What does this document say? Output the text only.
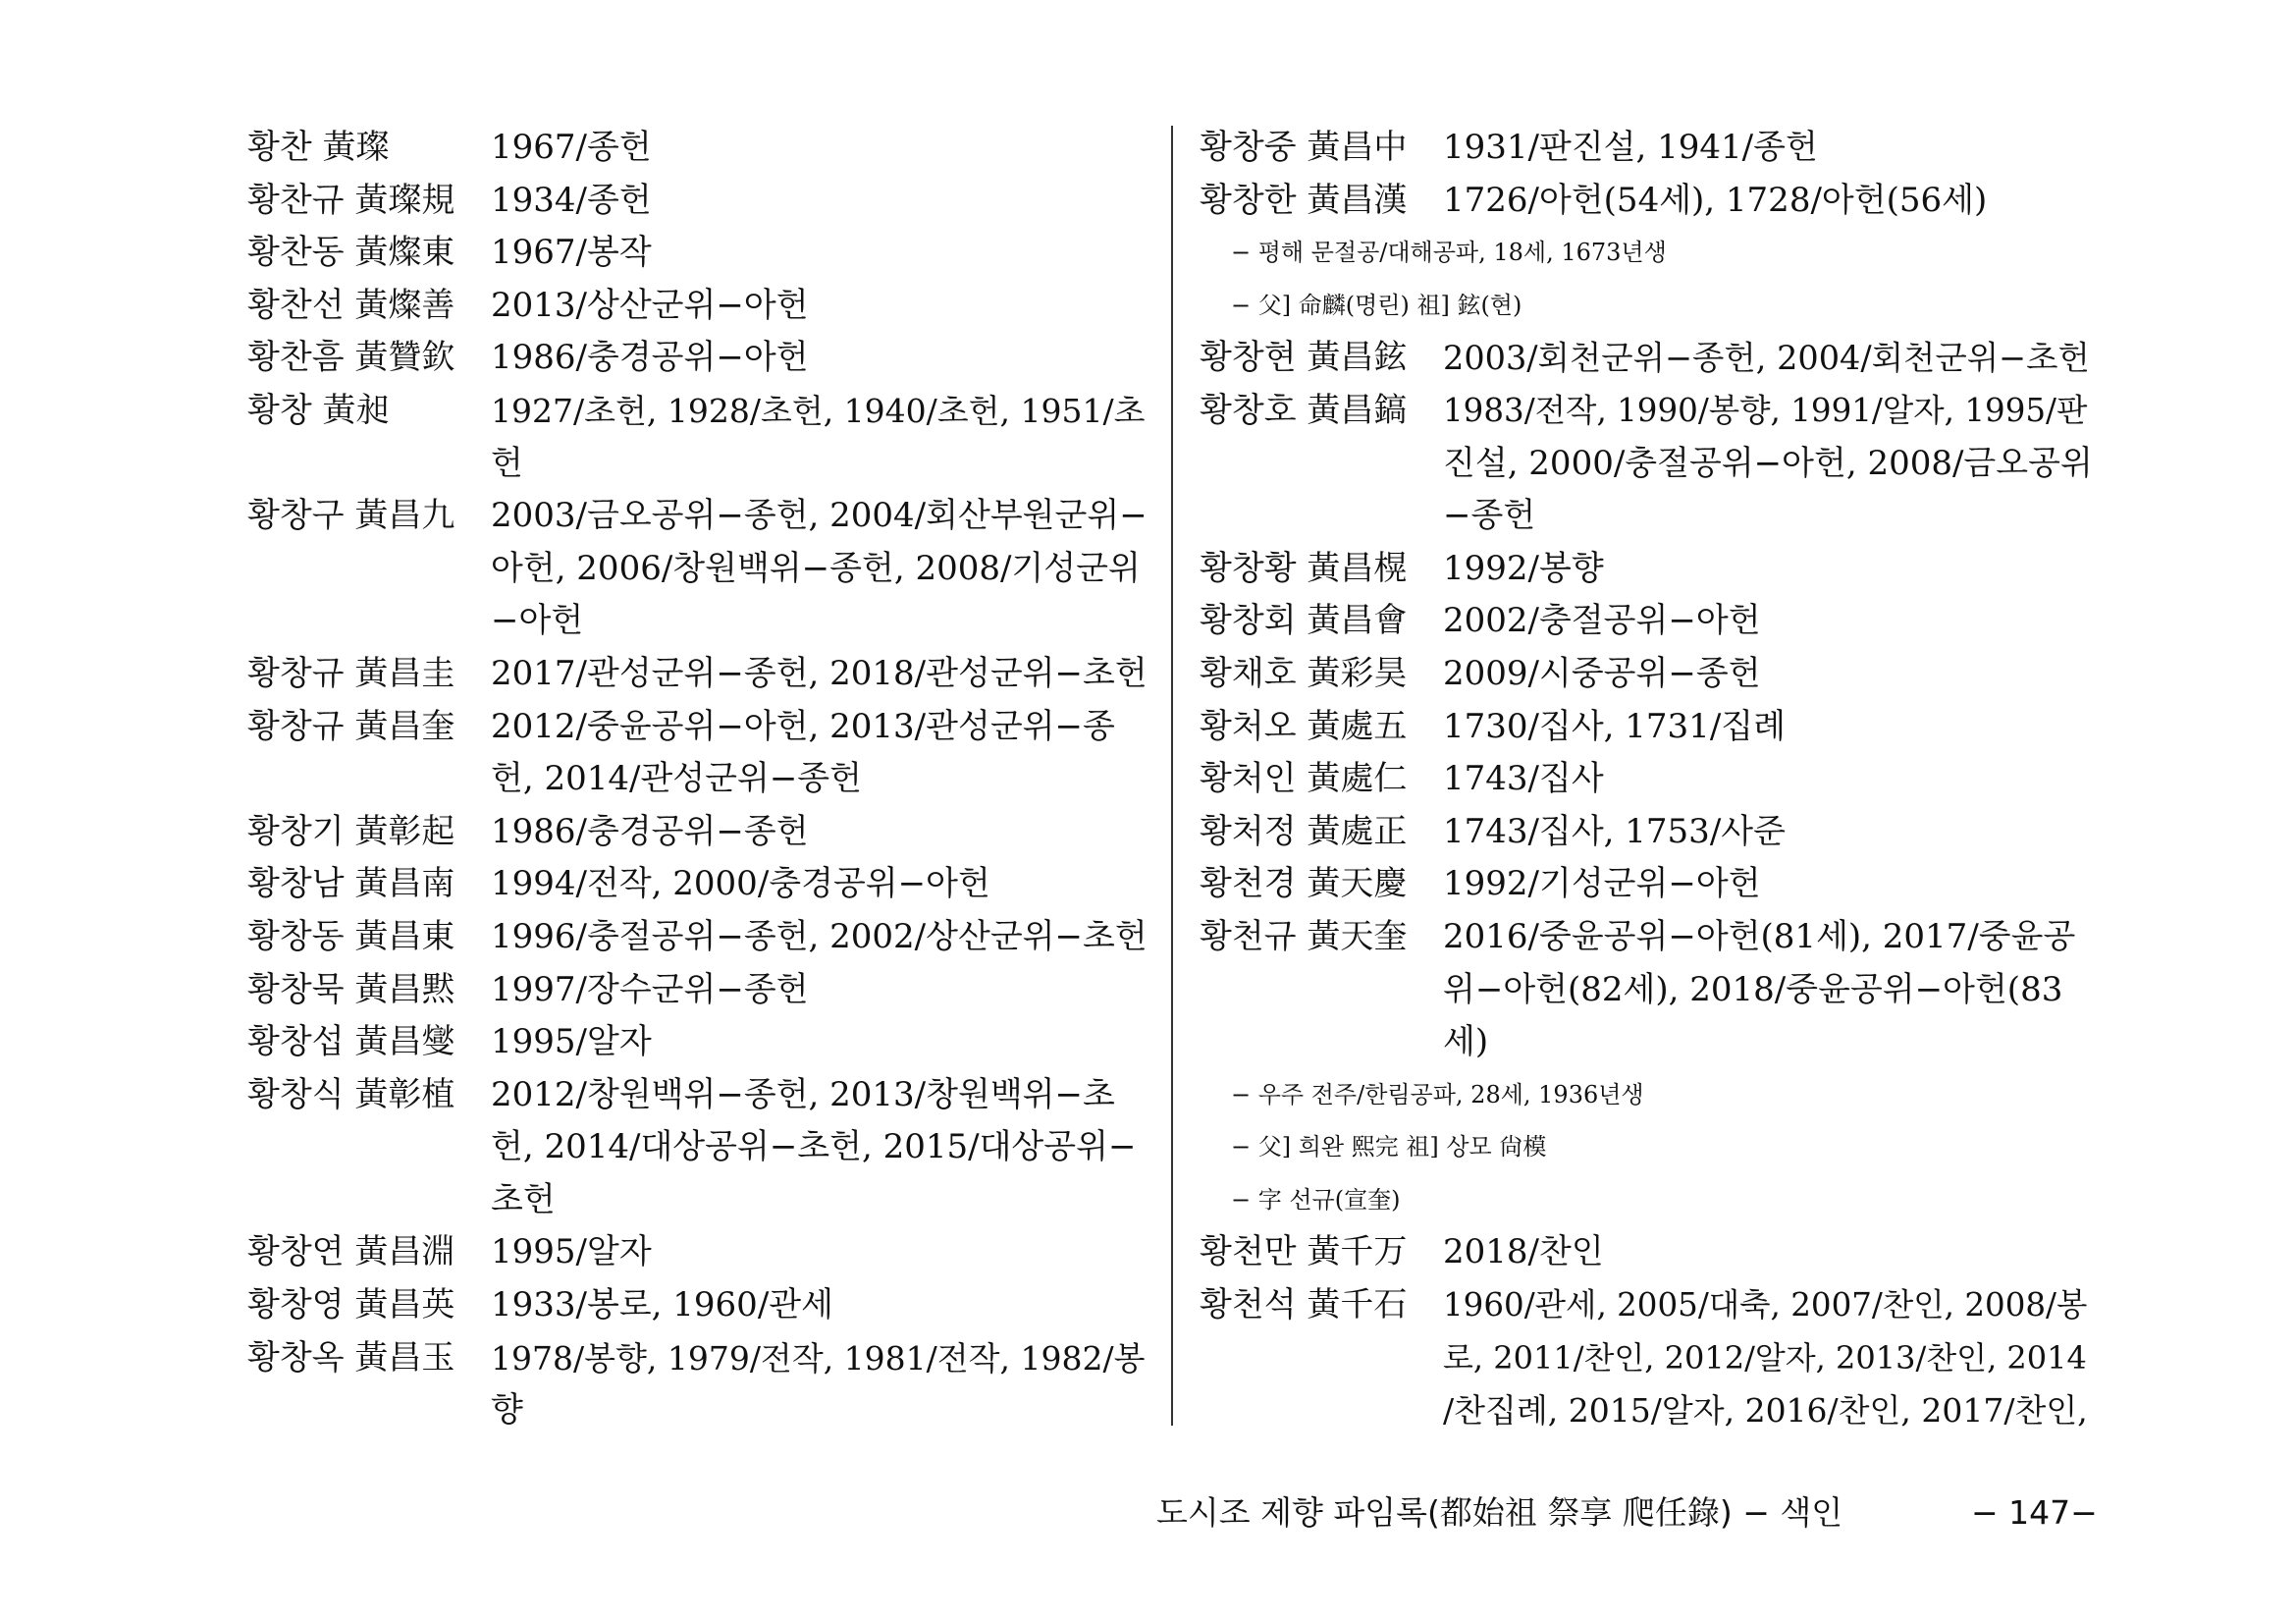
황찬 黃璨	1967/종헌
황찬규 黃璨規	1934/종헌
황찬동 黃燦東	1967/봉작
황찬선 黃燦善	2013/상산군위−아헌
황찬흠 黃贊欽	1986/충경공위−아헌
황창 黃昶	1927/초헌, 1928/초헌, 1940/초헌, 1951/초
헌
황창구 黃昌九	2003/금오공위−종헌, 2004/회산부원군위−
아헌, 2006/창원백위−종헌, 2008/기성군위
−아헌
황창규 黃昌圭	2017/관성군위−종헌, 2018/관성군위−초헌
황창규 黃昌奎	2012/중윤공위−아헌, 2013/관성군위−종
헌, 2014/관성군위−종헌
황창기 黃彰起	1986/충경공위−종헌
황창남 黃昌南	1994/전작, 2000/충경공위−아헌
황창동 黃昌東	1996/충절공위−종헌, 2002/상산군위−초헌
황창묵 黃昌黙	1997/장수군위−종헌
황창섭 黃昌燮	1995/알자
황창식 黃彰植	2012/창원백위−종헌, 2013/창원백위−초
헌, 2014/대상공위−초헌, 2015/대상공위−
초헌
황창연 黃昌淵	1995/알자
황창영 黃昌英	1933/봉로, 1960/관세
황창옥 黃昌玉	1978/봉향, 1979/전작, 1981/전작, 1982/봉
향
황창중 黃昌中	1931/판진설, 1941/종헌
황창한 黃昌漢	1726/아헌(54세), 1728/아헌(56세)
− 평해 문절공/대해공파, 18세, 1673년생
− 父] 命麟(명린) 祖] 鉉(현)
황창현 黃昌鉉	2003/회천군위−종헌, 2004/회천군위−초헌
황창호 黃昌鎬	1983/전작, 1990/봉향, 1991/알자, 1995/판
진설, 2000/충절공위−아헌, 2008/금오공위
−종헌
황창황 黃昌榥	1992/봉향
황창회 黃昌會	2002/충절공위−아헌
황채호 黃彩昊	2009/시중공위−종헌
황처오 黃處五	1730/집사, 1731/집례
황처인 黃處仁	1743/집사
황처정 黃處正	1743/집사, 1753/사준
황천경 黃天慶	1992/기성군위−아헌
황천규 黃天奎	2016/중윤공위−아헌(81세), 2017/중윤공
위−아헌(82세), 2018/중윤공위−아헌(83
세)
− 우주 전주/한림공파, 28세, 1936년생
− 父] 희완 熙完 祖] 상모 尙模
− 字 선규(宣奎)
황천만 黃千万	2018/찬인
황천석 黃千石	1960/관세, 2005/대축, 2007/찬인, 2008/봉
로, 2011/찬인, 2012/알자, 2013/찬인, 2014
/찬집례, 2015/알자, 2016/찬인, 2017/찬인,
도시조 제향 파임록(都始祖 祭享 爬任錄) − 색인	− 147−
